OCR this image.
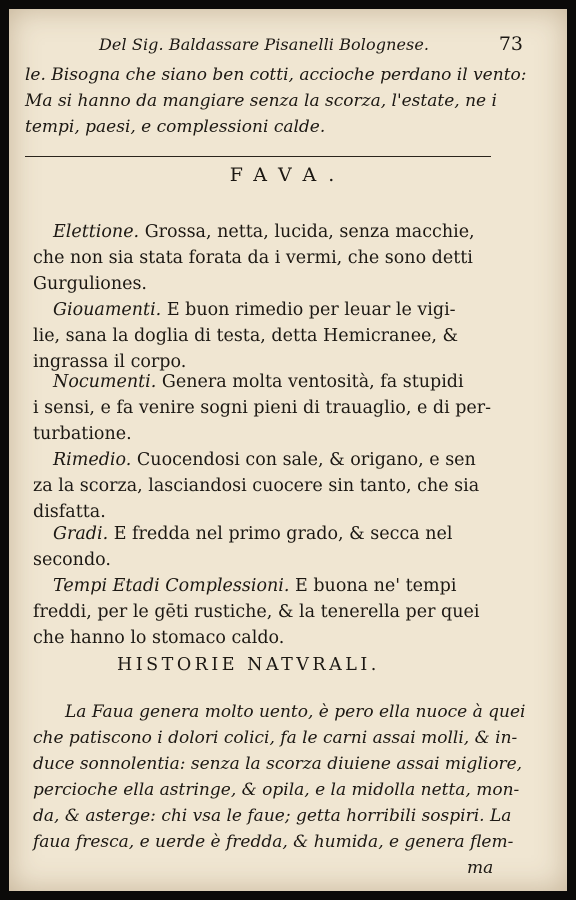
Del Sig. Baldassare Pisanelli Bolognese.	73
le. Bisogna che siano ben cotti, accioche perdano il vento:
Ma si hanno da mangiare senza la scorza, l'estate, ne i
tempi, paesi, e complessioni calde.
FAVA.
Elettione. Grossa, netta, lucida, senza macchie,
che non sia stata forata da i vermi, che sono detti
Gurguliones.
Giouamenti. E buon rimedio per leuar le vigi-
lie, sana la doglia di testa, detta Hemicranee, &
ingrassa il corpo.
Nocumenti. Genera molta ventosità, fa stupidi
i sensi, e fa venire sogni pieni di trauaglio, e di per-
turbatione.
Rimedio. Cuocendosi con sale, & origano, e sen
za la scorza, lasciandosi cuocere sin tanto, che sia
disfatta.
Gradi. E fredda nel primo grado, & secca nel
secondo.
Tempi Etadi Complessioni. E buona ne' tempi
freddi, per le gēti rustiche, & la tenerella per quei
che hanno lo stomaco caldo.
HISTORIE NATVRALI.
La Faua genera molto uento, è pero ella nuoce à quei
che patiscono i dolori colici, fa le carni assai molli, & in-
duce sonnolentia: senza la scorza diuiene assai migliore,
percioche ella astringe, & opila, e la midolla netta, mon-
da, & asterge: chi vsa le faue; getta horribili sospiri. La
faua fresca, e uerde è fredda, & humida, e genera flem-
ma
